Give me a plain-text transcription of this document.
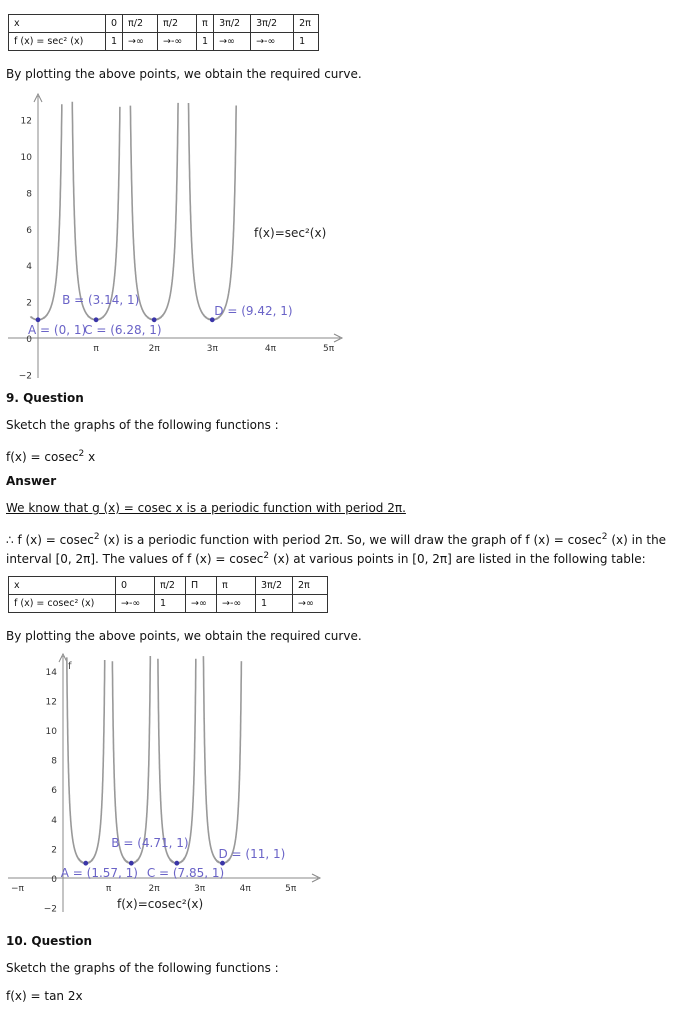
x	0	π/2	π/2	π	3π/2	3π/2	2π
f (x) = sec² (x)	1	→∞	→-∞	1	→∞	→-∞	1
By plotting the above points, we obtain the required curve.
12
10
8
6
4
2
0
−2
π	2π	3π	4π	5π
A = (0, 1)
B = (3.14, 1)
C = (6.28, 1)
D = (9.42, 1)
f(x)=sec²(x)
9. Question
Sketch the graphs of the following functions :
f(x) = cosec$^2$ x
Answer
We know that g (x) = cosec x is a periodic function with period 2π.
∴ f (x) = cosec$^2$ (x) is a periodic function with period 2π. So, we will draw the graph of f (x) = cosec$^2$ (x) in the interval [0, 2π]. The values of f (x) = cosec$^2$ (x) at various points in [0, 2π] are listed in the following table:
x	0	π/2	Π	π	3π/2	2π
f (x) = cosec² (x)	→-∞	1	→∞	→-∞	1	→∞
By plotting the above points, we obtain the required curve.
f
14
12
10
8
6
4
2
0
−2
−π	π	2π	3π	4π	5π
A = (1.57, 1)
B = (4.71, 1)
C = (7.85, 1)
D = (11, 1)
f(x)=cosec²(x)
10. Question
Sketch the graphs of the following functions :
f(x) = tan 2x
